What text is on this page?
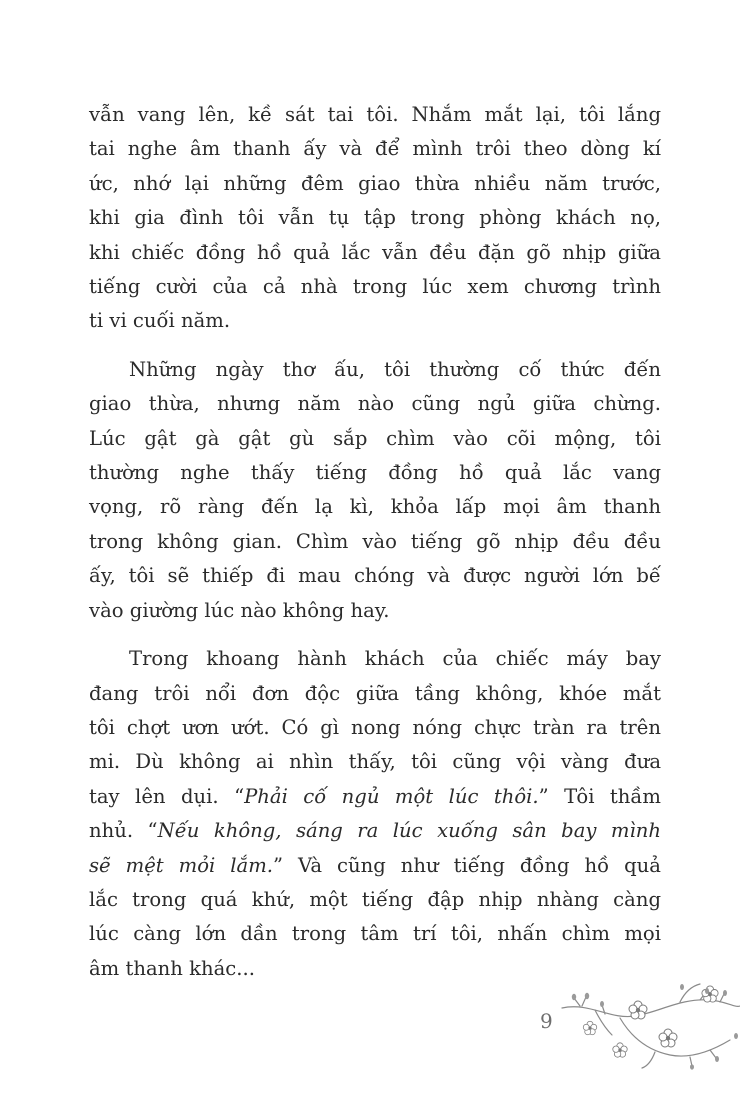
vẫn vang lên, kề sát tai tôi. Nhắm mắt lại, tôi lắng
tai nghe âm thanh ấy và để mình trôi theo dòng kí
ức, nhớ lại những đêm giao thừa nhiều năm trước,
khi gia đình tôi vẫn tụ tập trong phòng khách nọ,
khi chiếc đồng hồ quả lắc vẫn đều đặn gõ nhịp giữa
tiếng cười của cả nhà trong lúc xem chương trình
ti vi cuối năm.
Những ngày thơ ấu, tôi thường cố thức đến
giao thừa, nhưng năm nào cũng ngủ giữa chừng.
Lúc gật gà gật gù sắp chìm vào cõi mộng, tôi
thường nghe thấy tiếng đồng hồ quả lắc vang
vọng, rõ ràng đến lạ kì, khỏa lấp mọi âm thanh
trong không gian. Chìm vào tiếng gõ nhịp đều đều
ấy, tôi sẽ thiếp đi mau chóng và được người lớn bế
vào giường lúc nào không hay.
Trong khoang hành khách của chiếc máy bay
đang trôi nổi đơn độc giữa tầng không, khóe mắt
tôi chợt ươn ướt. Có gì nong nóng chực tràn ra trên
mi. Dù không ai nhìn thấy, tôi cũng vội vàng đưa
tay lên dụi. “Phải cố ngủ một lúc thôi.” Tôi thầm
nhủ. “Nếu không, sáng ra lúc xuống sân bay mình
sẽ mệt mỏi lắm.” Và cũng như tiếng đồng hồ quả
lắc trong quá khứ, một tiếng đập nhịp nhàng càng
lúc càng lớn dần trong tâm trí tôi, nhấn chìm mọi
âm thanh khác...
9
